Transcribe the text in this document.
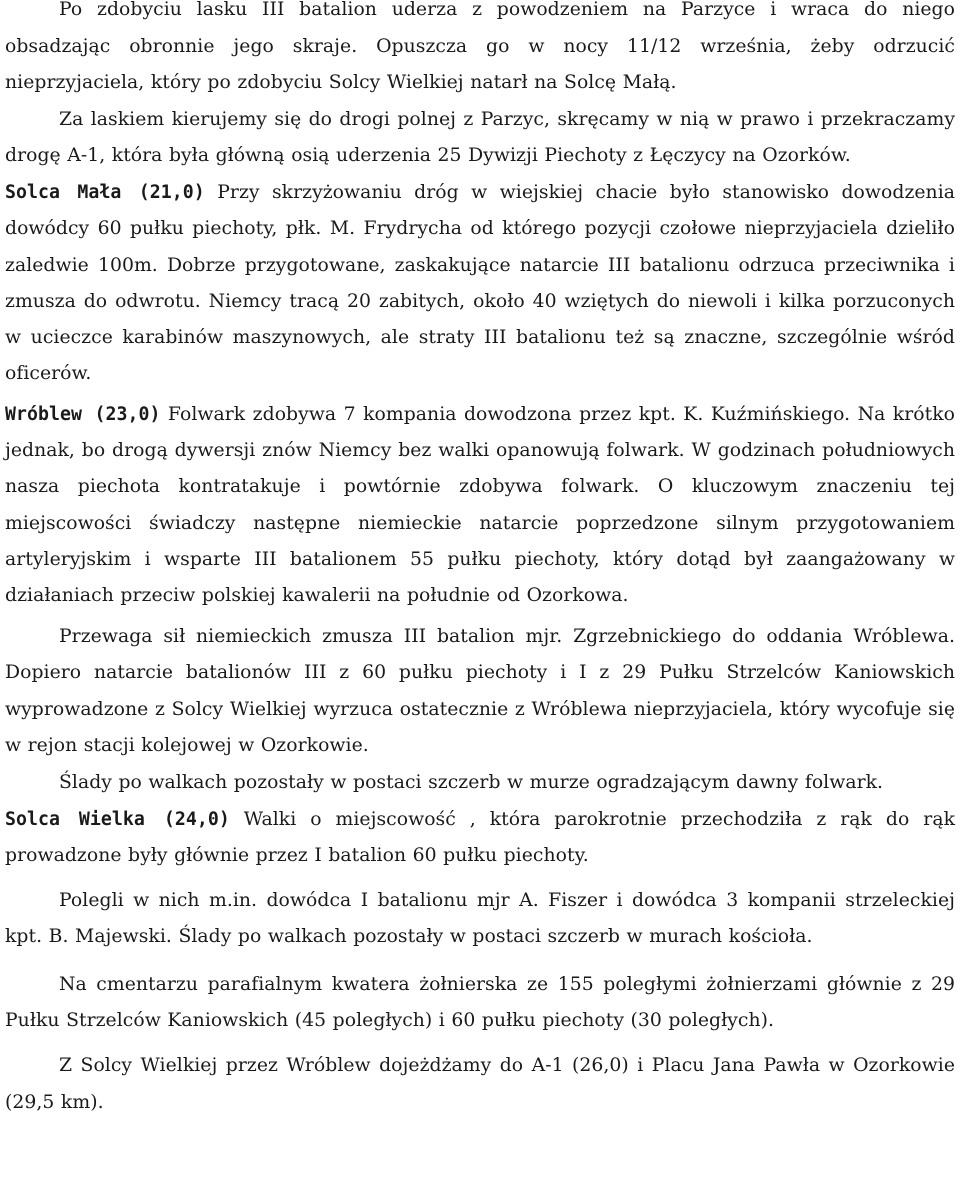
Po zdobyciu lasku III batalion uderza z powodzeniem na Parzyce i wraca do niego obsadzając obronnie jego skraje. Opuszcza go w nocy 11/12 września, żeby odrzucić nieprzyjaciela, który po zdobyciu Solcy Wielkiej natarł na Solcę Małą.

Za laskiem kierujemy się do drogi polnej z Parzyc, skręcamy w nią w prawo i przekraczamy drogę A-1, która była główną osią uderzenia 25 Dywizji Piechoty z Łęczycy na Ozorków.

Solca Mała (21,0) Przy skrzyżowaniu dróg w wiejskiej chacie było stanowisko dowodzenia dowódcy 60 pułku piechoty, płk. M. Frydrycha od którego pozycji czołowe nieprzyjaciela dzieliło zaledwie 100m. Dobrze przygotowane, zaskakujące natarcie III batalionu odrzuca przeciwnika i zmusza do odwrotu. Niemcy tracą 20 zabitych, około 40 wziętych do niewoli i kilka porzuconych w ucieczce karabinów maszynowych, ale straty III batalionu też są znaczne, szczególnie wśród oficerów.

Wróblew (23,0) Folwark zdobywa 7 kompania dowodzona przez kpt. K. Kuźmińskiego. Na krótko jednak, bo drogą dywersji znów Niemcy bez walki opanowują folwark. W godzinach południowych nasza piechota kontratakuje i powtórnie zdobywa folwark. O kluczowym znaczeniu tej miejscowości świadczy następne niemieckie natarcie poprzedzone silnym przygotowaniem artyleryjskim i wsparte III batalionem 55 pułku piechoty, który dotąd był zaangażowany w działaniach przeciw polskiej kawalerii na południe od Ozorkowa.

Przewaga sił niemieckich zmusza III batalion mjr. Zgrzebnickiego do oddania Wróblewa. Dopiero natarcie batalionów III z 60 pułku piechoty i I z 29 Pułku Strzelców Kaniowskich wyprowadzone z Solcy Wielkiej wyrzuca ostatecznie z Wróblewa nieprzyjaciela, który wycofuje się w rejon stacji kolejowej w Ozorkowie.

Ślady po walkach pozostały w postaci szczerb w murze ogradzającym dawny folwark.

Solca Wielka (24,0) Walki o miejscowość , która parokrotnie przechodziła z rąk do rąk prowadzone były głównie przez I batalion 60 pułku piechoty.

Polegli w nich m.in. dowódca I batalionu mjr A. Fiszer i dowódca 3 kompanii strzeleckiej kpt. B. Majewski. Ślady po walkach pozostały w postaci szczerb w murach kościoła.

Na cmentarzu parafialnym kwatera żołnierska ze 155 poległymi żołnierzami głównie z 29 Pułku Strzelców Kaniowskich (45 poległych) i 60 pułku piechoty (30 poległych).

Z Solcy Wielkiej przez Wróblew dojeżdżamy do A-1 (26,0) i Placu Jana Pawła w Ozorkowie (29,5 km).
